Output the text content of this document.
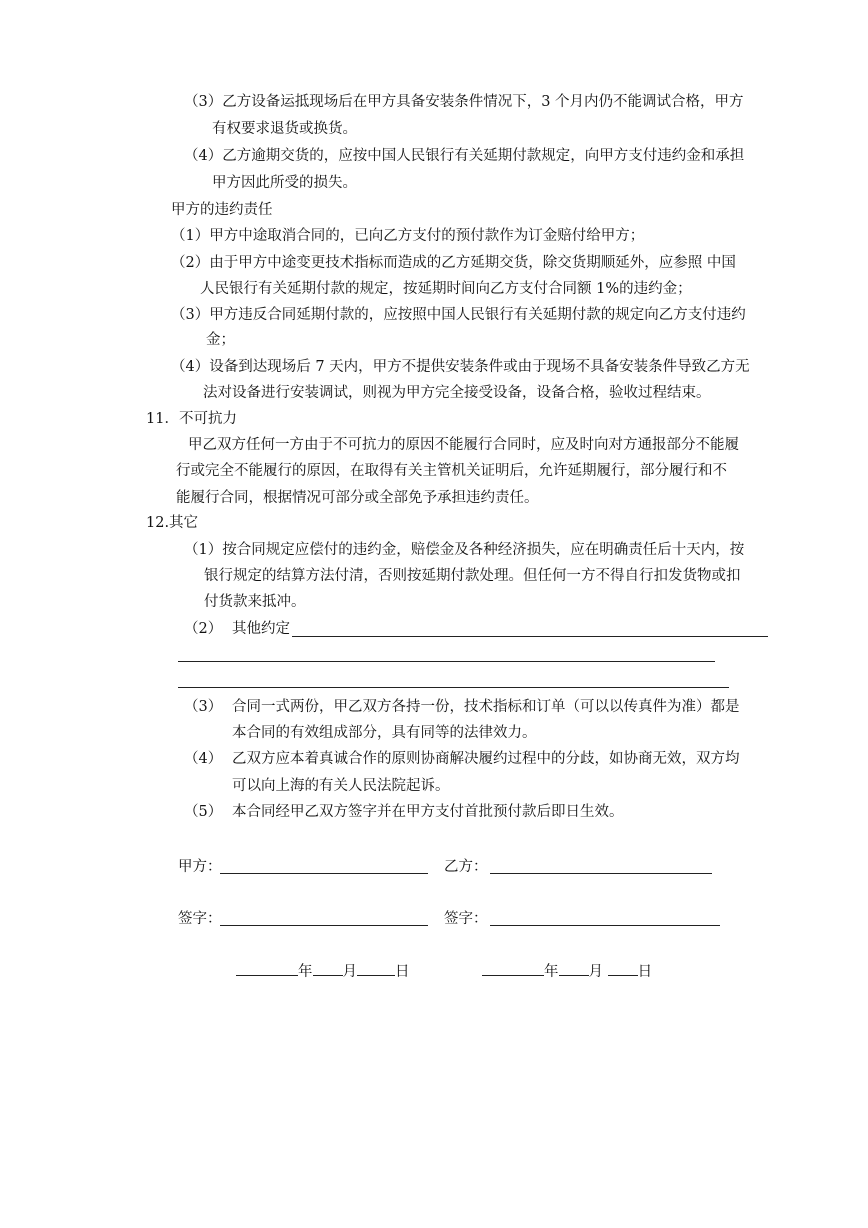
（3）乙方设备运抵现场后在甲方具备安装条件情况下，3 个月内仍不能调试合格，甲方
有权要求退货或换货。
（4）乙方逾期交货的，应按中国人民银行有关延期付款规定，向甲方支付违约金和承担
甲方因此所受的损失。
甲方的违约责任
（1）甲方中途取消合同的，已向乙方支付的预付款作为订金赔付给甲方；
（2）由于甲方中途变更技术指标而造成的乙方延期交货，除交货期顺延外，应参照 中国
人民银行有关延期付款的规定，按延期时间向乙方支付合同额 1%的违约金；
（3）甲方违反合同延期付款的，应按照中国人民银行有关延期付款的规定向乙方支付违约
金；
（4）设备到达现场后 7 天内，甲方不提供安装条件或由于现场不具备安装条件导致乙方无
法对设备进行安装调试，则视为甲方完全接受设备，设备合格，验收过程结束。
11．不可抗力
甲乙双方任何一方由于不可抗力的原因不能履行合同时，应及时向对方通报部分不能履
行或完全不能履行的原因，在取得有关主管机关证明后，允许延期履行，部分履行和不
能履行合同，根据情况可部分或全部免予承担违约责任。
12.其它
（1）按合同规定应偿付的违约金，赔偿金及各种经济损失，应在明确责任后十天内，按
银行规定的结算方法付清，否则按延期付款处理。但任何一方不得自行扣发货物或扣
付货款来抵冲。
（2） 其他约定
（3） 合同一式两份，甲乙双方各持一份，技术指标和订单（可以以传真件为准）都是
本合同的有效组成部分，具有同等的法律效力。
（4） 乙双方应本着真诚合作的原则协商解决履约过程中的分歧，如协商无效，双方均
可以向上海的有关人民法院起诉。
（5） 本合同经甲乙双方签字并在甲方支付首批预付款后即日生效。
甲方：	乙方：
签字：	签字：
年 月	日	年 月 日
